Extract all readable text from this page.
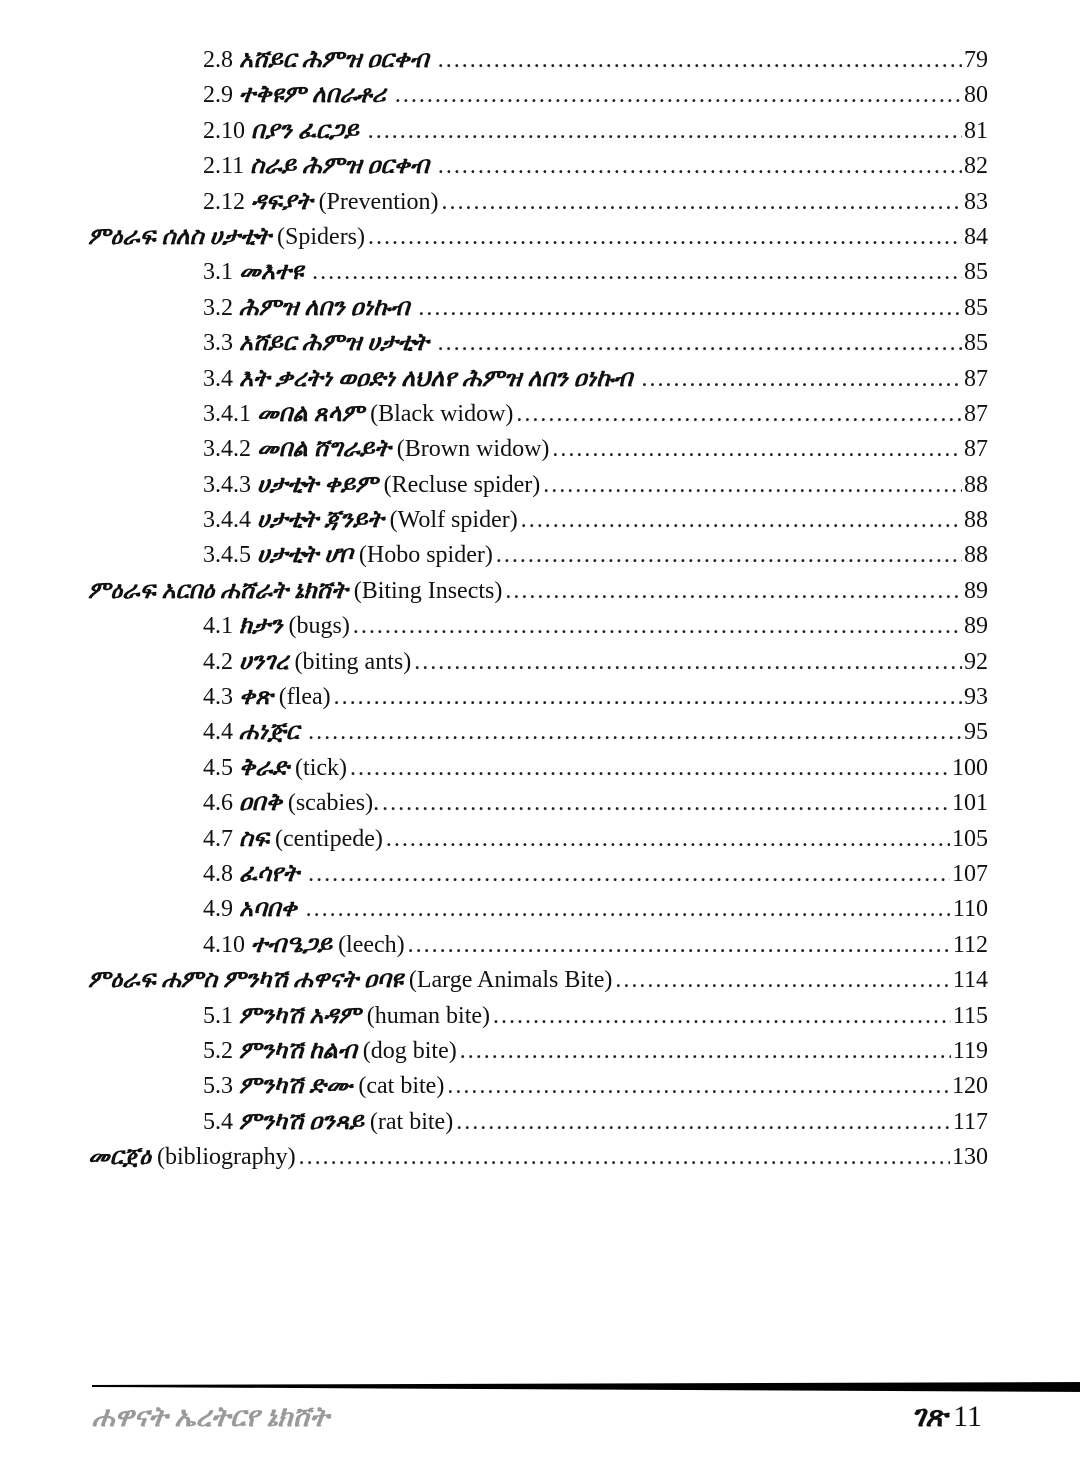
2.8 አሸይር ሕምዝ ዐርቀብ ………………………………………………………………………………………………………………………………………………………………………………………………………………	79
2.9 ተቅዩም ለበራቶሪ ………………………………………………………………………………………………………………………………………………………………………………………………………………	80
2.10 በያን ፈርጋይ ………………………………………………………………………………………………………………………………………………………………………………………………………………	81
2.11 ስራይ ሕምዝ ዐርቀብ ………………………………………………………………………………………………………………………………………………………………………………………………………………	82
2.12 ዳፍያት (Prevention) ………………………………………………………………………………………………………………………………………………………………………………………………………………	83
ምዕራፍ ሰለስ ሀታቲት (Spiders) ………………………………………………………………………………………………………………………………………………………………………………………………………………	84
3.1 መእተዩ ………………………………………………………………………………………………………………………………………………………………………………………………………………	85
3.2 ሕምዝ ለበን ዐነኩብ ………………………………………………………………………………………………………………………………………………………………………………………………………………	85
3.3 አሸይር ሕምዝ ሀታቲት ………………………………………………………………………………………………………………………………………………………………………………………………………………	85
3.4 እት ቃረትነ ወዐድነ ለህለየ ሕምዝ ለበን ዐነኩብ ………………………………………………………………………………………………………………………………………………………………………………………………………………	87
3.4.1 መበል ጸላም (Black widow) ………………………………………………………………………………………………………………………………………………………………………………………………………………	87
3.4.2 መበል ሸግራይት (Brown widow) ………………………………………………………………………………………………………………………………………………………………………………………………………………	87
3.4.3 ሀታቲት ቀይም (Recluse spider) ………………………………………………………………………………………………………………………………………………………………………………………………………………	88
3.4.4 ሀታቲት ጃንይት (Wolf spider) ………………………………………………………………………………………………………………………………………………………………………………………………………………	88
3.4.5 ሀታቲት ሆቦ (Hobo spider) ………………………………………………………………………………………………………………………………………………………………………………………………………………	88
ምዕራፍ አርበዕ ሐሸራት ኔክሸት (Biting Insects) ………………………………………………………………………………………………………………………………………………………………………………………………………………	89
4.1 ክታን (bugs) ………………………………………………………………………………………………………………………………………………………………………………………………………………	89
4.2 ሀንገረ (biting ants) ………………………………………………………………………………………………………………………………………………………………………………………………………………	92
4.3 ቀጽ (flea) ………………………………………………………………………………………………………………………………………………………………………………………………………………	93
4.4 ሐነጅር ………………………………………………………………………………………………………………………………………………………………………………………………………………	95
4.5 ቅራድ (tick) ………………………………………………………………………………………………………………………………………………………………………………………………………………	100
4.6 ዐበቅ (scabies). ………………………………………………………………………………………………………………………………………………………………………………………………………………	101
4.7 ስፍ (centipede) ………………………………………………………………………………………………………………………………………………………………………………………………………………	105
4.8 ፈሳየት ………………………………………………………………………………………………………………………………………………………………………………………………………………	107
4.9 አባበቀ ………………………………………………………………………………………………………………………………………………………………………………………………………………	110
4.10 ተብዔጋይ (leech) ………………………………………………………………………………………………………………………………………………………………………………………………………………	112
ምዕራፍ ሐምስ ምንካሽ ሐዋናት ዐባዩ (Large Animals Bite) ………………………………………………………………………………………………………………………………………………………………………………………………………………	114
5.1 ምንካሽ አዳም (human bite) ………………………………………………………………………………………………………………………………………………………………………………………………………………	115
5.2 ምንካሽ ከልብ (dog bite) ………………………………………………………………………………………………………………………………………………………………………………………………………………	119
5.3 ምንካሽ ድሙ (cat bite) ………………………………………………………………………………………………………………………………………………………………………………………………………………	120
5.4 ምንካሽ ዐንጻይ (rat bite) ………………………………………………………………………………………………………………………………………………………………………………………………………………	117
መርጀዕ (bibliography) ………………………………………………………………………………………………………………………………………………………………………………………………………………	130
ሐዋናት ኤረትርየ ኔክሸት	ገጽ 11
